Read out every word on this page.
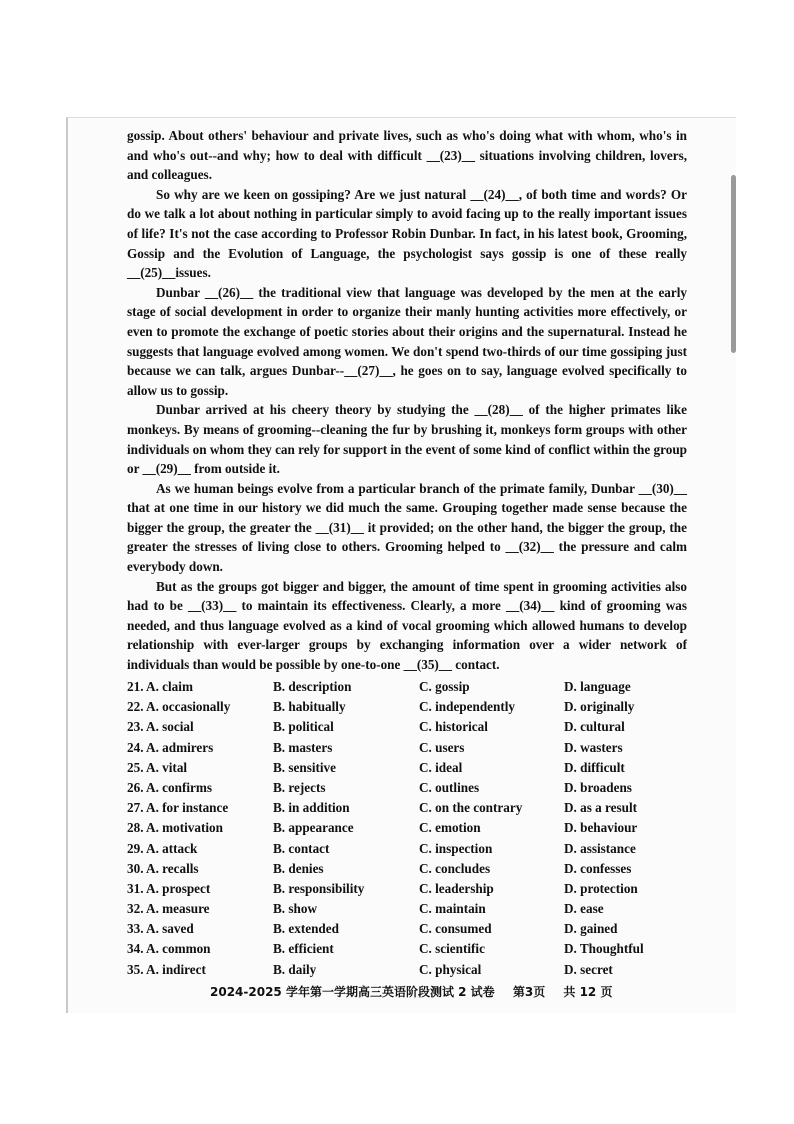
gossip. About others' behaviour and private lives, such as who's doing what with whom, who's in and who's out--and why; how to deal with difficult __(23)__ situations involving children, lovers, and colleagues.

So why are we keen on gossiping? Are we just natural __(24)__, of both time and words? Or do we talk a lot about nothing in particular simply to avoid facing up to the really important issues of life? It's not the case according to Professor Robin Dunbar. In fact, in his latest book, Grooming, Gossip and the Evolution of Language, the psychologist says gossip is one of these really __(25)__issues.

Dunbar __(26)__ the traditional view that language was developed by the men at the early stage of social development in order to organize their manly hunting activities more effectively, or even to promote the exchange of poetic stories about their origins and the supernatural. Instead he suggests that language evolved among women. We don't spend two-thirds of our time gossiping just because we can talk, argues Dunbar--__(27)__, he goes on to say, language evolved specifically to allow us to gossip.

Dunbar arrived at his cheery theory by studying the __(28)__ of the higher primates like monkeys. By means of grooming--cleaning the fur by brushing it, monkeys form groups with other individuals on whom they can rely for support in the event of some kind of conflict within the group or __(29)__ from outside it.

As we human beings evolve from a particular branch of the primate family, Dunbar __(30)__ that at one time in our history we did much the same. Grouping together made sense because the bigger the group, the greater the __(31)__ it provided; on the other hand, the bigger the group, the greater the stresses of living close to others. Grooming helped to __(32)__ the pressure and calm everybody down.

But as the groups got bigger and bigger, the amount of time spent in grooming activities also had to be __(33)__ to maintain its effectiveness. Clearly, a more __(34)__ kind of grooming was needed, and thus language evolved as a kind of vocal grooming which allowed humans to develop relationship with ever-larger groups by exchanging information over a wider network of individuals than would be possible by one-to-one __(35)__ contact.

21. A. claim	B. description	C. gossip	D. language
22. A. occasionally	B. habitually	C. independently	D. originally
23. A. social	B. political	C. historical	D. cultural
24. A. admirers	B. masters	C. users	D. wasters
25. A. vital	B. sensitive	C. ideal	D. difficult
26. A. confirms	B. rejects	C. outlines	D. broadens
27. A. for instance	B. in addition	C. on the contrary	D. as a result
28. A. motivation	B. appearance	C. emotion	D. behaviour
29. A. attack	B. contact	C. inspection	D. assistance
30. A. recalls	B. denies	C. concludes	D. confesses
31. A. prospect	B. responsibility	C. leadership	D. protection
32. A. measure	B. show	C. maintain	D. ease
33. A. saved	B. extended	C. consumed	D. gained
34. A. common	B. efficient	C. scientific	D. Thoughtful
35. A. indirect	B. daily	C. physical	D. secret
2024-2025 学年第一学期高三英语阶段测试 2 试卷 第3页 共 12 页
